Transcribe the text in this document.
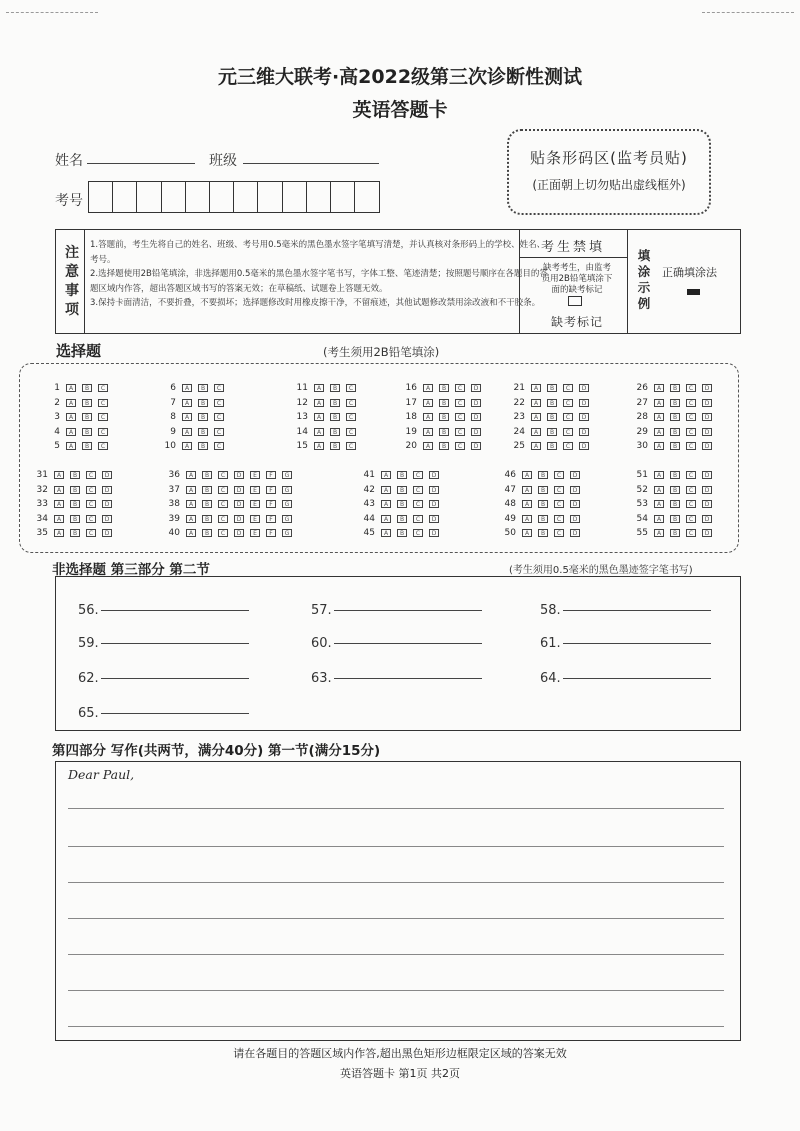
元三维大联考·高2022级第三次诊断性测试
英语答题卡
姓名	班级
考号
贴条形码区(监考员贴)
(正面朝上切勿贴出虚线框外)
注
意
事
项
1.答题前，考生先将自己的姓名、班级、考号用0.5毫米的黑色墨水签字笔填写清楚，并认真核对条形码上的学校、姓名、考号。
2.选择题使用2B铅笔填涂，非选择题用0.5毫米的黑色墨水签字笔书写，字体工整、笔迹清楚；按照题号顺序在各题目的答题区域内作答，超出答题区域书写的答案无效；在草稿纸、试题卷上答题无效。
3.保持卡面清洁，不要折叠，不要损坏；选择题修改时用橡皮擦干净，不留痕迹，其他试题修改禁用涂改液和不干胶条。
考生禁填
缺考考生，由监考员用2B铅笔填涂下面的缺考标记
缺考标记
填
涂
示
例
正确填涂法
选择题	(考生须用2B铅笔填涂)
1	A	B	C
2	A	B	C
3	A	B	C
4	A	B	C
5	A	B	C
6	A	B	C
7	A	B	C
8	A	B	C
9	A	B	C
10	A	B	C
11	A	B	C
12	A	B	C
13	A	B	C
14	A	B	C
15	A	B	C
16	A	B	C	D
17	A	B	C	D
18	A	B	C	D
19	A	B	C	D
20	A	B	C	D
21	A	B	C	D
22	A	B	C	D
23	A	B	C	D
24	A	B	C	D
25	A	B	C	D
26	A	B	C	D
27	A	B	C	D
28	A	B	C	D
29	A	B	C	D
30	A	B	C	D
31	A	B	C	D
32	A	B	C	D
33	A	B	C	D
34	A	B	C	D
35	A	B	C	D
36	A	B	C	D	E	F	G
37	A	B	C	D	E	F	G
38	A	B	C	D	E	F	G
39	A	B	C	D	E	F	G
40	A	B	C	D	E	F	G
41	A	B	C	D
42	A	B	C	D
43	A	B	C	D
44	A	B	C	D
45	A	B	C	D
46	A	B	C	D
47	A	B	C	D
48	A	B	C	D
49	A	B	C	D
50	A	B	C	D
51	A	B	C	D
52	A	B	C	D
53	A	B	C	D
54	A	B	C	D
55	A	B	C	D
非选择题 第三部分 第二节	(考生须用0.5毫米的黑色墨迹签字笔书写)
56.	57.	58.
59.	60.	61.
62.	63.	64.
65.
第四部分 写作(共两节，满分40分) 第一节(满分15分)
Dear Paul,
请在各题目的答题区域内作答,超出黑色矩形边框限定区域的答案无效
英语答题卡 第1页 共2页
